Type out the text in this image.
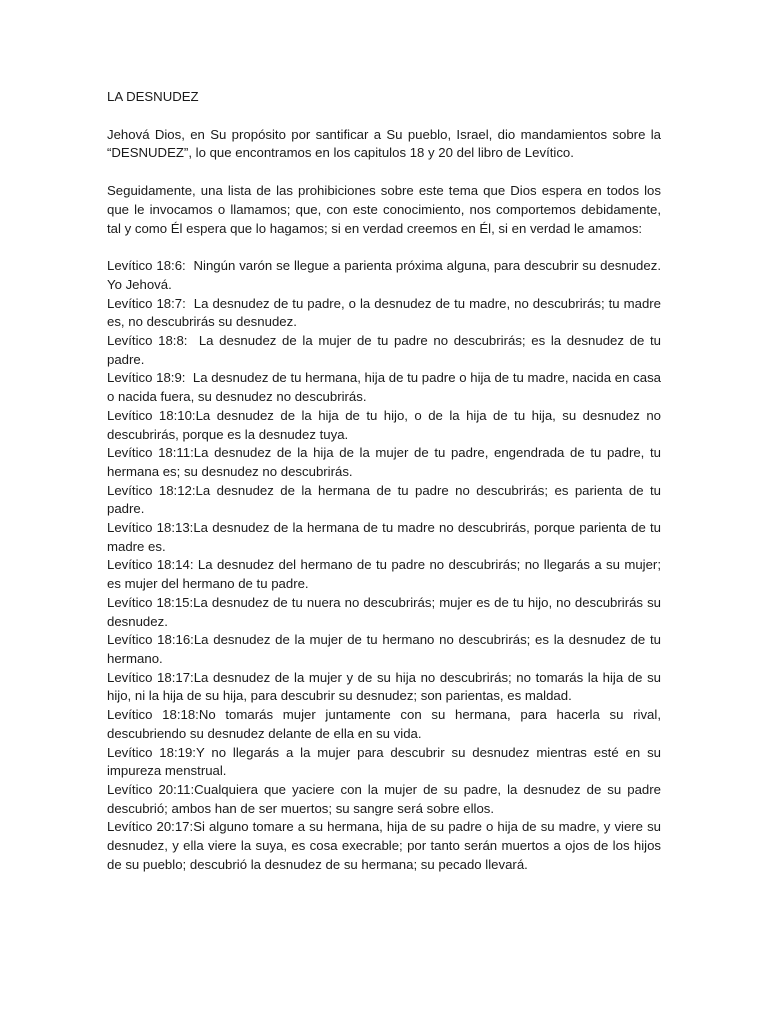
LA DESNUDEZ

Jehová Dios, en Su propósito por santificar a Su pueblo, Israel, dio mandamientos sobre la “DESNUDEZ”, lo que encontramos en los capitulos 18 y 20 del libro de Levítico.

Seguidamente, una lista de las prohibiciones sobre este tema que Dios espera en todos los que le invocamos o llamamos; que, con este conocimiento, nos comportemos debidamente, tal y como Él espera que lo hagamos; si en verdad creemos en Él, si en verdad le amamos:

Levítico 18:6: Ningún varón se llegue a parienta próxima alguna, para descubrir su desnudez. Yo Jehová.
Levítico 18:7: La desnudez de tu padre, o la desnudez de tu madre, no descubrirás; tu madre es, no descubrirás su desnudez.
Levítico 18:8: La desnudez de la mujer de tu padre no descubrirás; es la desnudez de tu padre.
Levítico 18:9: La desnudez de tu hermana, hija de tu padre o hija de tu madre, nacida en casa o nacida fuera, su desnudez no descubrirás.
Levítico 18:10:La desnudez de la hija de tu hijo, o de la hija de tu hija, su desnudez no descubrirás, porque es la desnudez tuya.
Levítico 18:11:La desnudez de la hija de la mujer de tu padre, engendrada de tu padre, tu hermana es; su desnudez no descubrirás.
Levítico 18:12:La desnudez de la hermana de tu padre no descubrirás; es parienta de tu padre.
Levítico 18:13:La desnudez de la hermana de tu madre no descubrirás, porque parienta de tu madre es.
Levítico 18:14: La desnudez del hermano de tu padre no descubrirás; no llegarás a su mujer; es mujer del hermano de tu padre.
Levítico 18:15:La desnudez de tu nuera no descubrirás; mujer es de tu hijo, no descubrirás su desnudez.
Levítico 18:16:La desnudez de la mujer de tu hermano no descubrirás; es la desnudez de tu hermano.
Levítico 18:17:La desnudez de la mujer y de su hija no descubrirás; no tomarás la hija de su hijo, ni la hija de su hija, para descubrir su desnudez; son parientas, es maldad.
Levítico 18:18:No tomarás mujer juntamente con su hermana, para hacerla su rival, descubriendo su desnudez delante de ella en su vida.
Levítico 18:19:Y no llegarás a la mujer para descubrir su desnudez mientras esté en su impureza menstrual.
Levítico 20:11:Cualquiera que yaciere con la mujer de su padre, la desnudez de su padre descubrió; ambos han de ser muertos; su sangre será sobre ellos.
Levítico 20:17:Si alguno tomare a su hermana, hija de su padre o hija de su madre, y viere su desnudez, y ella viere la suya, es cosa execrable; por tanto serán muertos a ojos de los hijos de su pueblo; descubrió la desnudez de su hermana; su pecado llevará.
